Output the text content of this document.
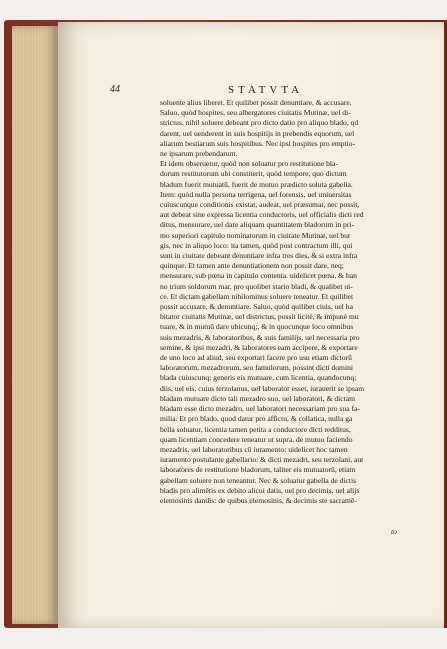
44	STATVTA
soluente alius liberet. Et quilibet possit denuntiare, & accusare.
Saluo, quòd hospites, seu albergatores ciuitatis Mutinæ, uel di-
strictus, nihil soluere debeant pro dicto datio pro aliquo blado, qd
darent, uel uenderent in suis hospitijs in prebendis equorum, uel
aliarum bestiarum suis hospitibus. Nec ipsi hospites pro emptio-
ne ipsarum prebendarum.
Et idem obseruetur, quòd non soluatur pro restitutione bla-
dorum restitutorum ubi constiterit, quòd tempore, quo dictum
bladum fuerit mutuatū, fuerit de mutuo prædicto soluta gabella.
Item: quòd nulla persona terrigena, uel forensis, uel uniuersitas
cuiuscunque conditionis existat, audeat, uel præsumat, nec possit,
aut debeat sine expressa licentia conductoris, uel officialis dicti red
ditus, mensurare, uel dare aliquam quantitatem bladorum in pri-
mo superiori capitulo nominatorum in ciuitate Mutinæ, uel bur
gis, nec in aliquo loco: ita tamen, quòd post contractum illi, qui
sunt in ciuitate debeant denuntiare infra tres dies, & si extra infra
quinque. Et tamen ante denuntiationem non possit dare, neq;
mensurare, sub pœna in capitulo contenta. uidelicet pœna, & ban
no trium soldorum mar. pro quolibet stario bladi, & qualibet ui-
ce. Et dictam gabellam nihilominus soluere teneatur. Et quilibet
possit accusare, & denuntiare. Saluo, quòd quilibet ciuis, uel ha
bitator ciuitatis Mutinæ, uel districtus, possit licitè, & impunè mu
tuare, & in mutuū dare ubicunq;, & in quocunque loco omnibus
suis mezadris, & laboratoribus, & suis familijs, uel necessaria pro
semine, & ipsi mezadri, & laboratores eam accipere, & exportare
de uno loco ad aliud, seu exportari facere pro usu etiam dictorū
laboratorum, mezadrorum, seu famulorum, possint dicti domini
blada cuiuscunq; generis eis mutuare, cum licentia, quandocunq;
diis, uel eis, cuius terzolanus, uel laborator esset, iurauerit se ipsam
bladam mutuare dicto tali mezadro suo, uel laboratori, & dictam
bladam esse dicto mezadro, uel laboratori necessariam pro sua fa-
milia. Et pro blado, quod datur pro affictu, & collatica, nulla ga
bella soluatur, licentia tamen petita a conductore dicti redditus,
quam licentiam concedere teneatur ut supra, de mutuo faciendo
mezadris, uel laboratoribus cū iuramento: uidelicet hoc tamen
iuramento postulante gabellario: & dicti mezadri, seu terzolani, aut
laboratores de restitutione bladorum, taliter eis mutuatorū, etiam
gabellam soluere non teneantur. Nec & soluatur gabella de dictis
bladis pro alimētis ex debito alicui datis, uel pro decimis, uel alijs
elemosinis dandis: de quibus elemosinis, & decimis ste sacramē-
to
